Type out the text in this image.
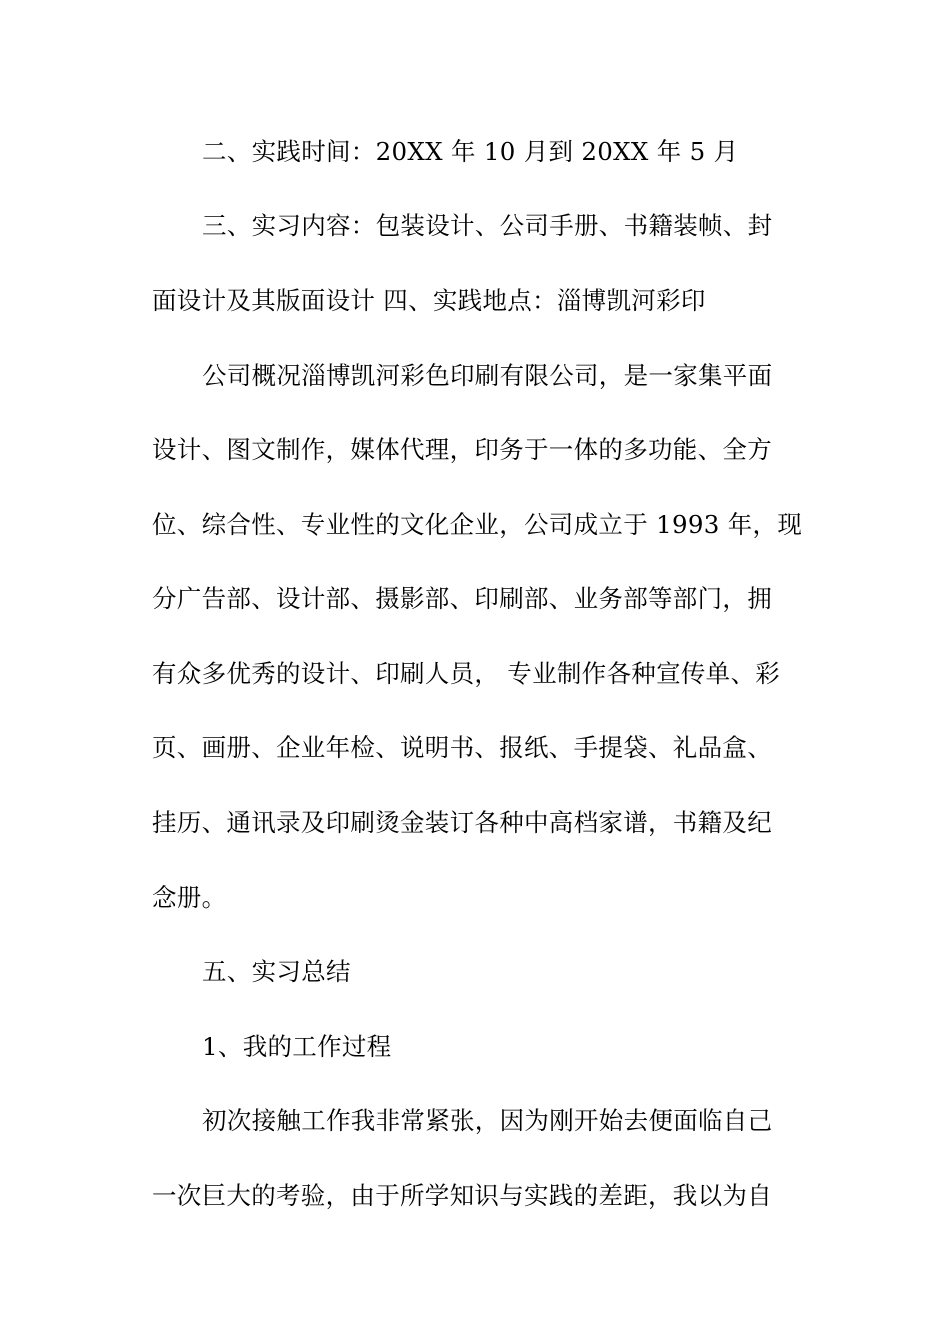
二、实践时间：20XX 年 10 月到 20XX 年 5 月
三、实习内容：包装设计、公司手册、书籍装帧、封
面设计及其版面设计 四、实践地点：淄博凯河彩印
公司概况淄博凯河彩色印刷有限公司，是一家集平面
设计、图文制作，媒体代理，印务于一体的多功能、全方
位、综合性、专业性的文化企业，公司成立于 1993 年，现
分广告部、设计部、摄影部、印刷部、业务部等部门，拥
有众多优秀的设计、印刷人员， 专业制作各种宣传单、彩
页、画册、企业年检、说明书、报纸、手提袋、礼品盒、
挂历、通讯录及印刷烫金装订各种中高档家谱，书籍及纪
念册。
五、实习总结
1、我的工作过程
初次接触工作我非常紧张，因为刚开始去便面临自己
一次巨大的考验，由于所学知识与实践的差距，我以为自
